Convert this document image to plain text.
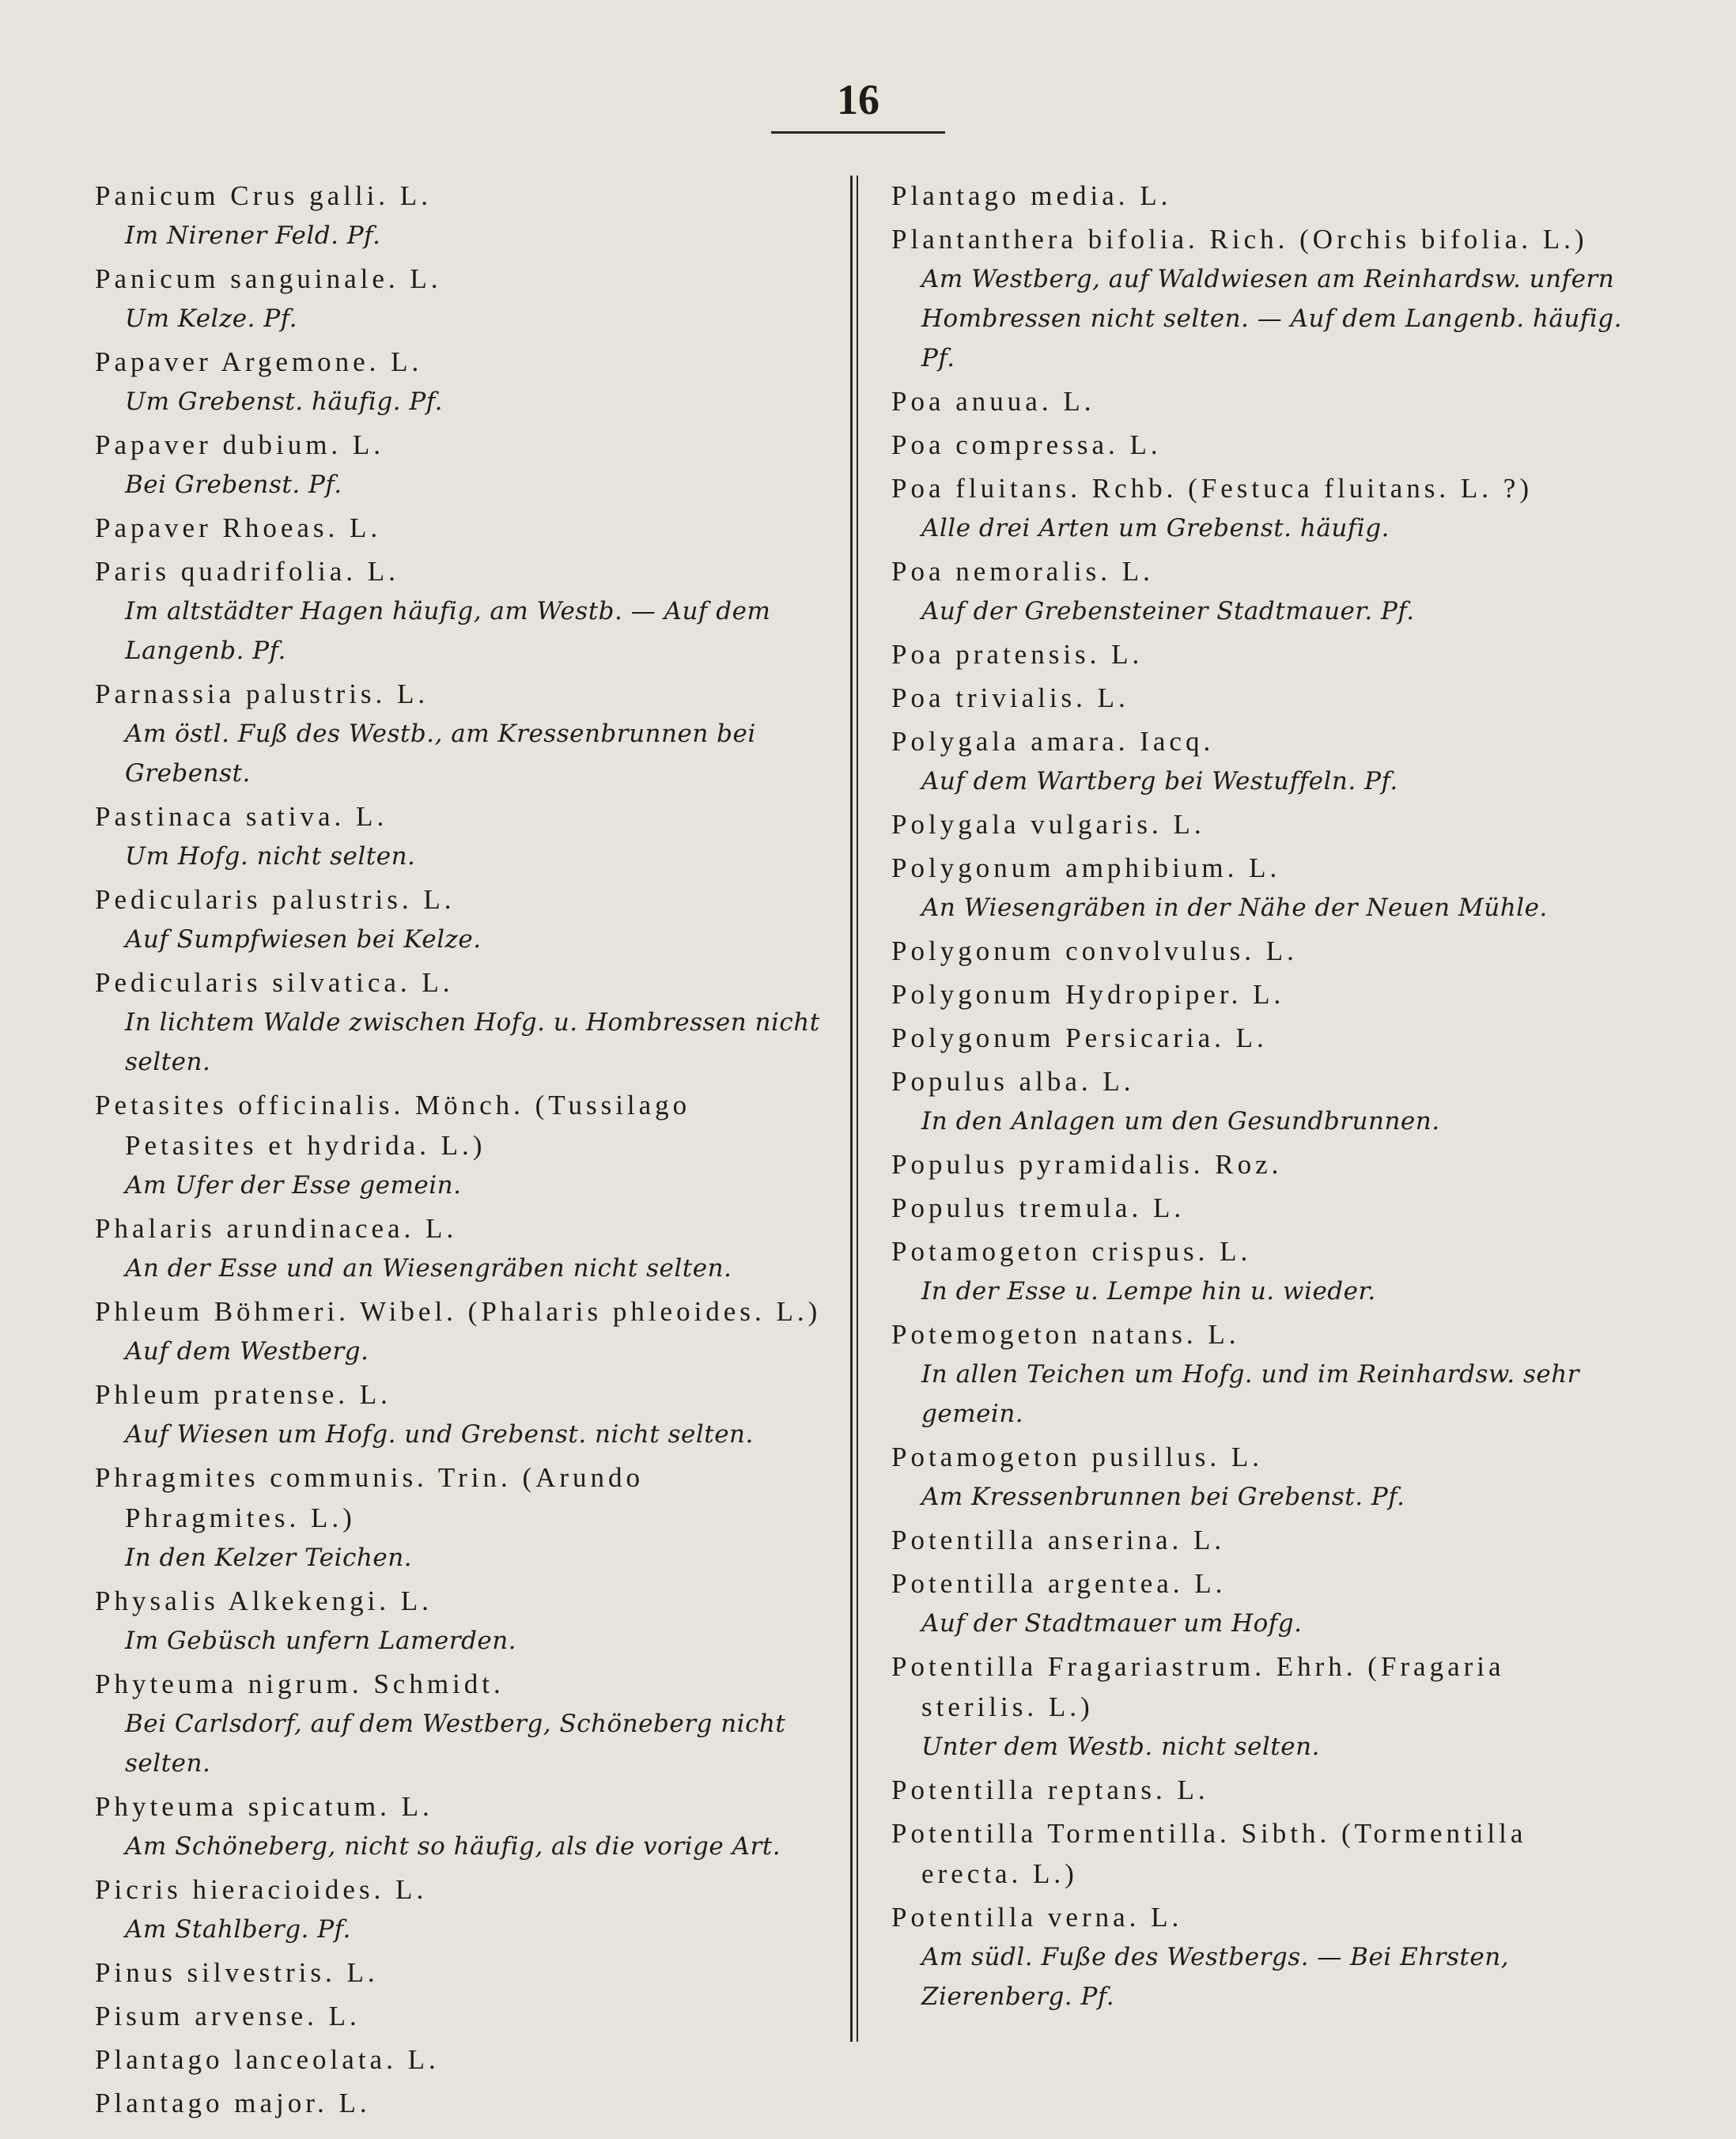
16
Panicum Crus galli. L.
Im Nirener Feld. Pf.
Panicum sanguinale. L.
Um Kelze. Pf.
Papaver Argemone. L.
Um Grebenst. häufig. Pf.
Papaver dubium. L.
Bei Grebenst. Pf.
Papaver Rhoeas. L.
Paris quadrifolia. L.
Im altstädter Hagen häufig, am Westb. — Auf dem Langenb. Pf.
Parnassia palustris. L.
Am östl. Fuß des Westb., am Kressenbrunnen bei Grebenst.
Pastinaca sativa. L.
Um Hofg. nicht selten.
Pedicularis palustris. L.
Auf Sumpfwiesen bei Kelze.
Pedicularis silvatica. L.
In lichtem Walde zwischen Hofg. u. Hombressen nicht selten.
Petasites officinalis. Mönch. (Tussilago Petasites et hydrida. L.)
Am Ufer der Esse gemein.
Phalaris arundinacea. L.
An der Esse und an Wiesengräben nicht selten.
Phleum Böhmeri. Wibel. (Phalaris phleoides. L.)
Auf dem Westberg.
Phleum pratense. L.
Auf Wiesen um Hofg. und Grebenst. nicht selten.
Phragmites communis. Trin. (Arundo Phragmites. L.)
In den Kelzer Teichen.
Physalis Alkekengi. L.
Im Gebüsch unfern Lamerden.
Phyteuma nigrum. Schmidt.
Bei Carlsdorf, auf dem Westberg, Schöneberg nicht selten.
Phyteuma spicatum. L.
Am Schöneberg, nicht so häufig, als die vorige Art.
Picris hieracioides. L.
Am Stahlberg. Pf.
Pinus silvestris. L.
Pisum arvense. L.
Plantago lanceolata. L.
Plantago major. L.
Plantago media. L.
Plantanthera bifolia. Rich. (Orchis bifolia. L.)
Am Westberg, auf Waldwiesen am Reinhardsw. unfern Hombressen nicht selten. — Auf dem Langenb. häufig. Pf.
Poa anuua. L.
Poa compressa. L.
Poa fluitans. Rchb. (Festuca fluitans. L. ?)
Alle drei Arten um Grebenst. häufig.
Poa nemoralis. L.
Auf der Grebensteiner Stadtmauer. Pf.
Poa pratensis. L.
Poa trivialis. L.
Polygala amara. Iacq.
Auf dem Wartberg bei Westuffeln. Pf.
Polygala vulgaris. L.
Polygonum amphibium. L.
An Wiesengräben in der Nähe der Neuen Mühle.
Polygonum convolvulus. L.
Polygonum Hydropiper. L.
Polygonum Persicaria. L.
Populus alba. L.
In den Anlagen um den Gesundbrunnen.
Populus pyramidalis. Roz.
Populus tremula. L.
Potamogeton crispus. L.
In der Esse u. Lempe hin u. wieder.
Potemogeton natans. L.
In allen Teichen um Hofg. und im Reinhardsw. sehr gemein.
Potamogeton pusillus. L.
Am Kressenbrunnen bei Grebenst. Pf.
Potentilla anserina. L.
Potentilla argentea. L.
Auf der Stadtmauer um Hofg.
Potentilla Fragariastrum. Ehrh. (Fragaria sterilis. L.)
Unter dem Westb. nicht selten.
Potentilla reptans. L.
Potentilla Tormentilla. Sibth. (Tormentilla erecta. L.)
Potentilla verna. L.
Am südl. Fuße des Westbergs. — Bei Ehrsten, Zierenberg. Pf.
